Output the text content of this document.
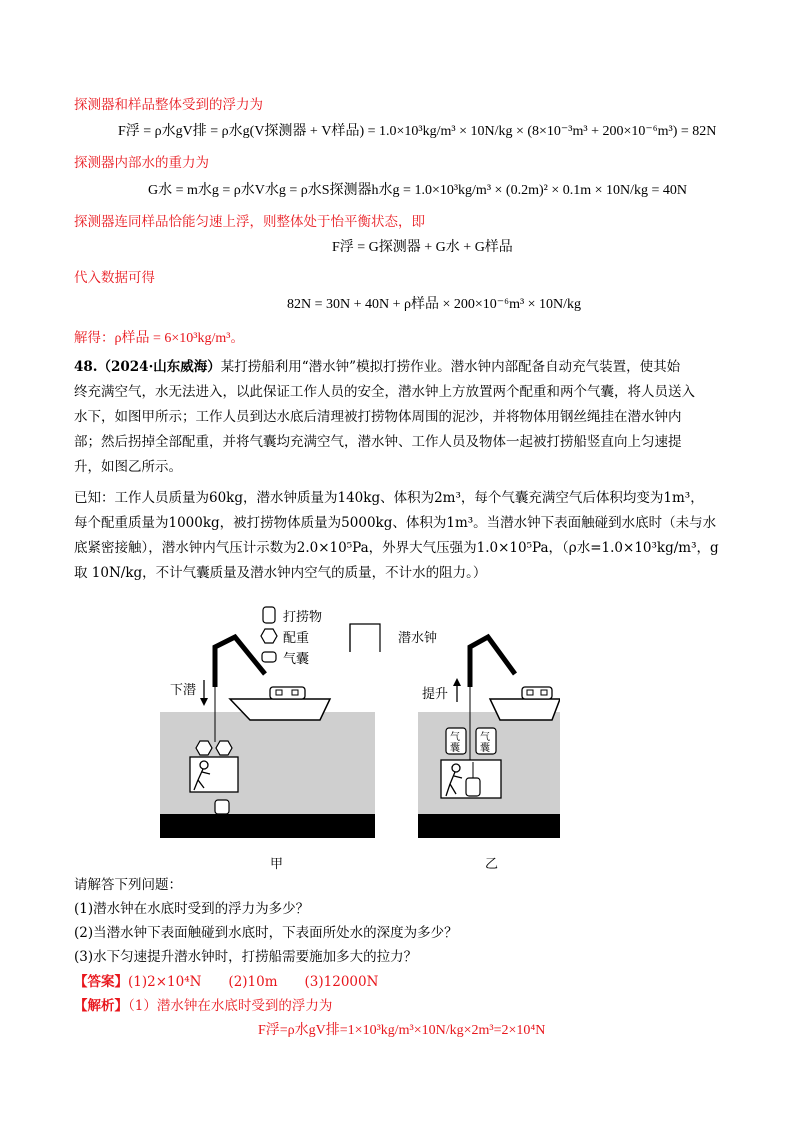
探测器和样品整体受到的浮力为
F浮 = ρ水gV排 = ρ水g(V探测器 + V样品) = 1.0×10³kg/m³ × 10N/kg × (8×10⁻³m³ + 200×10⁻⁶m³) = 82N
探测器内部水的重力为
G水 = m水g = ρ水V水g = ρ水S探测器h水g = 1.0×10³kg/m³ × (0.2m)² × 0.1m × 10N/kg = 40N
探测器连同样品恰能匀速上浮，则整体处于怡平衡状态，即
F浮 = G探测器 + G水 + G样品
代入数据可得
82N = 30N + 40N + ρ样品 × 200×10⁻⁶m³ × 10N/kg
解得：ρ样品 = 6×10³kg/m³。
48.（2024·山东威海）某打捞船利用“潜水钟”模拟打捞作业。潜水钟内部配备自动充气装置，使其始
终充满空气，水无法进入，以此保证工作人员的安全，潜水钟上方放置两个配重和两个气囊，将人员送入
水下，如图甲所示；工作人员到达水底后清理被打捞物体周围的泥沙，并将物体用钢丝绳挂在潜水钟内
部；然后拐掉全部配重，并将气囊均充满空气，潜水钟、工作人员及物体一起被打捞船竖直向上匀速提
升，如图乙所示。
已知：工作人员质量为60kg，潜水钟质量为140kg、体积为2m³，每个气囊充满空气后体积均变为1m³，
每个配重质量为1000kg，被打捞物体质量为5000kg、体积为1m³。当潜水钟下表面触碰到水底时（未与水
底紧密接触），潜水钟内气压计示数为2.0×10⁵Pa，外界大气压强为1.0×10⁵Pa，（ρ水=1.0×10³kg/m³，g
取 10N/kg，不计气囊质量及潜水钟内空气的质量，不计水的阻力。）
打捞物
配重
气囊
潜水钟
下潜	提升
气
囊
气
囊
甲	乙
请解答下列问题：
(1)潜水钟在水底时受到的浮力为多少？
(2)当潜水钟下表面触碰到水底时，下表面所处水的深度为多少？
(3)水下匀速提升潜水钟时，打捞船需要施加多大的拉力？
【答案】(1)2×10⁴N　　(2)10m　　(3)12000N
【解析】（1）潜水钟在水底时受到的浮力为
F浮=ρ水gV排=1×10³kg/m³×10N/kg×2m³=2×10⁴N
